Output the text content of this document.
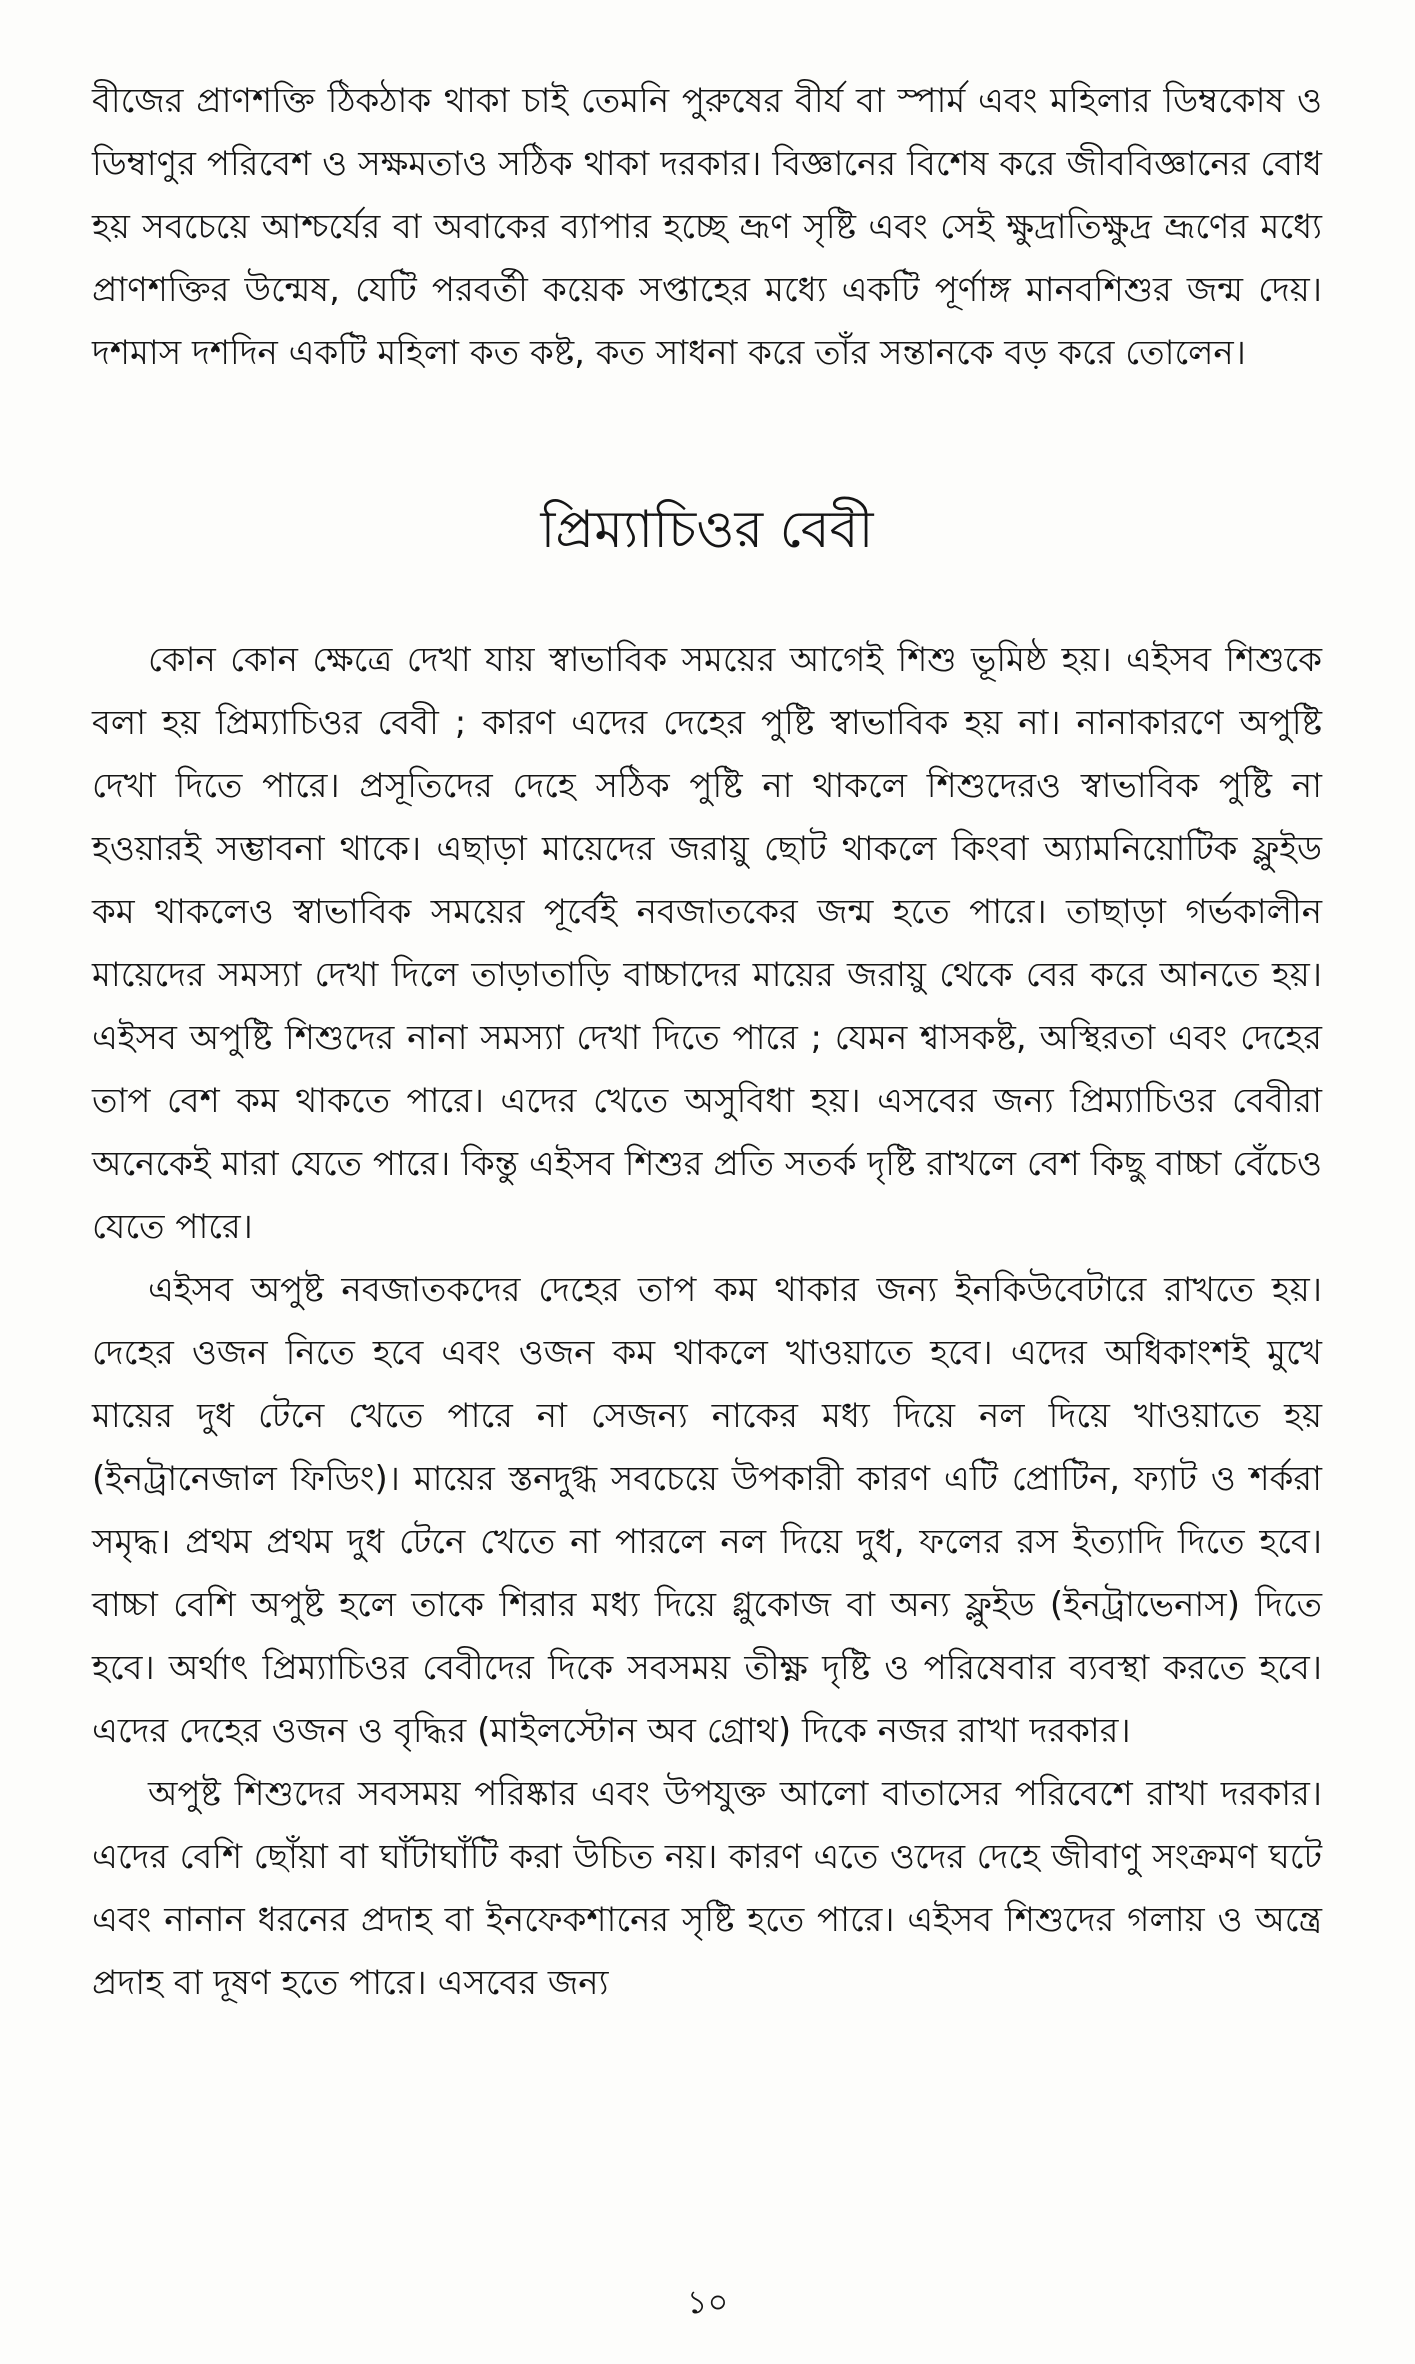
বীজের প্রাণশক্তি ঠিকঠাক থাকা চাই তেমনি পুরুষের বীর্য বা স্পার্ম এবং মহিলার ডিম্বকোষ ও ডিম্বাণুর পরিবেশ ও সক্ষমতাও সঠিক থাকা দরকার। বিজ্ঞানের বিশেষ করে জীববিজ্ঞানের বোধ হয় সবচেয়ে আশ্চর্যের বা অবাকের ব্যাপার হচ্ছে ভ্রূণ সৃষ্টি এবং সেই ক্ষুদ্রাতিক্ষুদ্র ভ্রূণের মধ্যে প্রাণশক্তির উন্মেষ, যেটি পরবর্তী কয়েক সপ্তাহের মধ্যে একটি পূর্ণাঙ্গ মানবশিশুর জন্ম দেয়। দশমাস দশদিন একটি মহিলা কত কষ্ট, কত সাধনা করে তাঁর সন্তানকে বড় করে তোলেন।

প্রিম্যাচিওর বেবী

কোন কোন ক্ষেত্রে দেখা যায় স্বাভাবিক সময়ের আগেই শিশু ভূমিষ্ঠ হয়। এইসব শিশুকে বলা হয় প্রিম্যাচিওর বেবী ; কারণ এদের দেহের পুষ্টি স্বাভাবিক হয় না। নানাকারণে অপুষ্টি দেখা দিতে পারে। প্রসূতিদের দেহে সঠিক পুষ্টি না থাকলে শিশুদেরও স্বাভাবিক পুষ্টি না হওয়ারই সম্ভাবনা থাকে। এছাড়া মায়েদের জরায়ু ছোট থাকলে কিংবা অ্যামনিয়োটিক ফ্লুইড কম থাকলেও স্বাভাবিক সময়ের পূর্বেই নবজাতকের জন্ম হতে পারে। তাছাড়া গর্ভকালীন মায়েদের সমস্যা দেখা দিলে তাড়াতাড়ি বাচ্চাদের মায়ের জরায়ু থেকে বের করে আনতে হয়। এইসব অপুষ্টি শিশুদের নানা সমস্যা দেখা দিতে পারে ; যেমন শ্বাসকষ্ট, অস্থিরতা এবং দেহের তাপ বেশ কম থাকতে পারে। এদের খেতে অসুবিধা হয়। এসবের জন্য প্রিম্যাচিওর বেবীরা অনেকেই মারা যেতে পারে। কিন্তু এইসব শিশুর প্রতি সতর্ক দৃষ্টি রাখলে বেশ কিছু বাচ্চা বেঁচেও যেতে পারে।

এইসব অপুষ্ট নবজাতকদের দেহের তাপ কম থাকার জন্য ইনকিউবেটারে রাখতে হয়। দেহের ওজন নিতে হবে এবং ওজন কম থাকলে খাওয়াতে হবে। এদের অধিকাংশই মুখে মায়ের দুধ টেনে খেতে পারে না সেজন্য নাকের মধ্য দিয়ে নল দিয়ে খাওয়াতে হয় (ইনট্রানেজাল ফিডিং)। মায়ের স্তনদুগ্ধ সবচেয়ে উপকারী কারণ এটি প্রোটিন, ফ্যাট ও শর্করা সমৃদ্ধ। প্রথম প্রথম দুধ টেনে খেতে না পারলে নল দিয়ে দুধ, ফলের রস ইত্যাদি দিতে হবে। বাচ্চা বেশি অপুষ্ট হলে তাকে শিরার মধ্য দিয়ে গ্লুকোজ বা অন্য ফ্লুইড (ইনট্রাভেনাস) দিতে হবে। অর্থাৎ প্রিম্যাচিওর বেবীদের দিকে সবসময় তীক্ষ্ণ দৃষ্টি ও পরিষেবার ব্যবস্থা করতে হবে। এদের দেহের ওজন ও বৃদ্ধির (মাইলস্টোন অব গ্রোথ) দিকে নজর রাখা দরকার।

অপুষ্ট শিশুদের সবসময় পরিষ্কার এবং উপযুক্ত আলো বাতাসের পরিবেশে রাখা দরকার। এদের বেশি ছোঁয়া বা ঘাঁটাঘাঁটি করা উচিত নয়। কারণ এতে ওদের দেহে জীবাণু সংক্রমণ ঘটে এবং নানান ধরনের প্রদাহ বা ইনফেকশানের সৃষ্টি হতে পারে। এইসব শিশুদের গলায় ও অন্ত্রে প্রদাহ বা দূষণ হতে পারে। এসবের জন্য

১০
